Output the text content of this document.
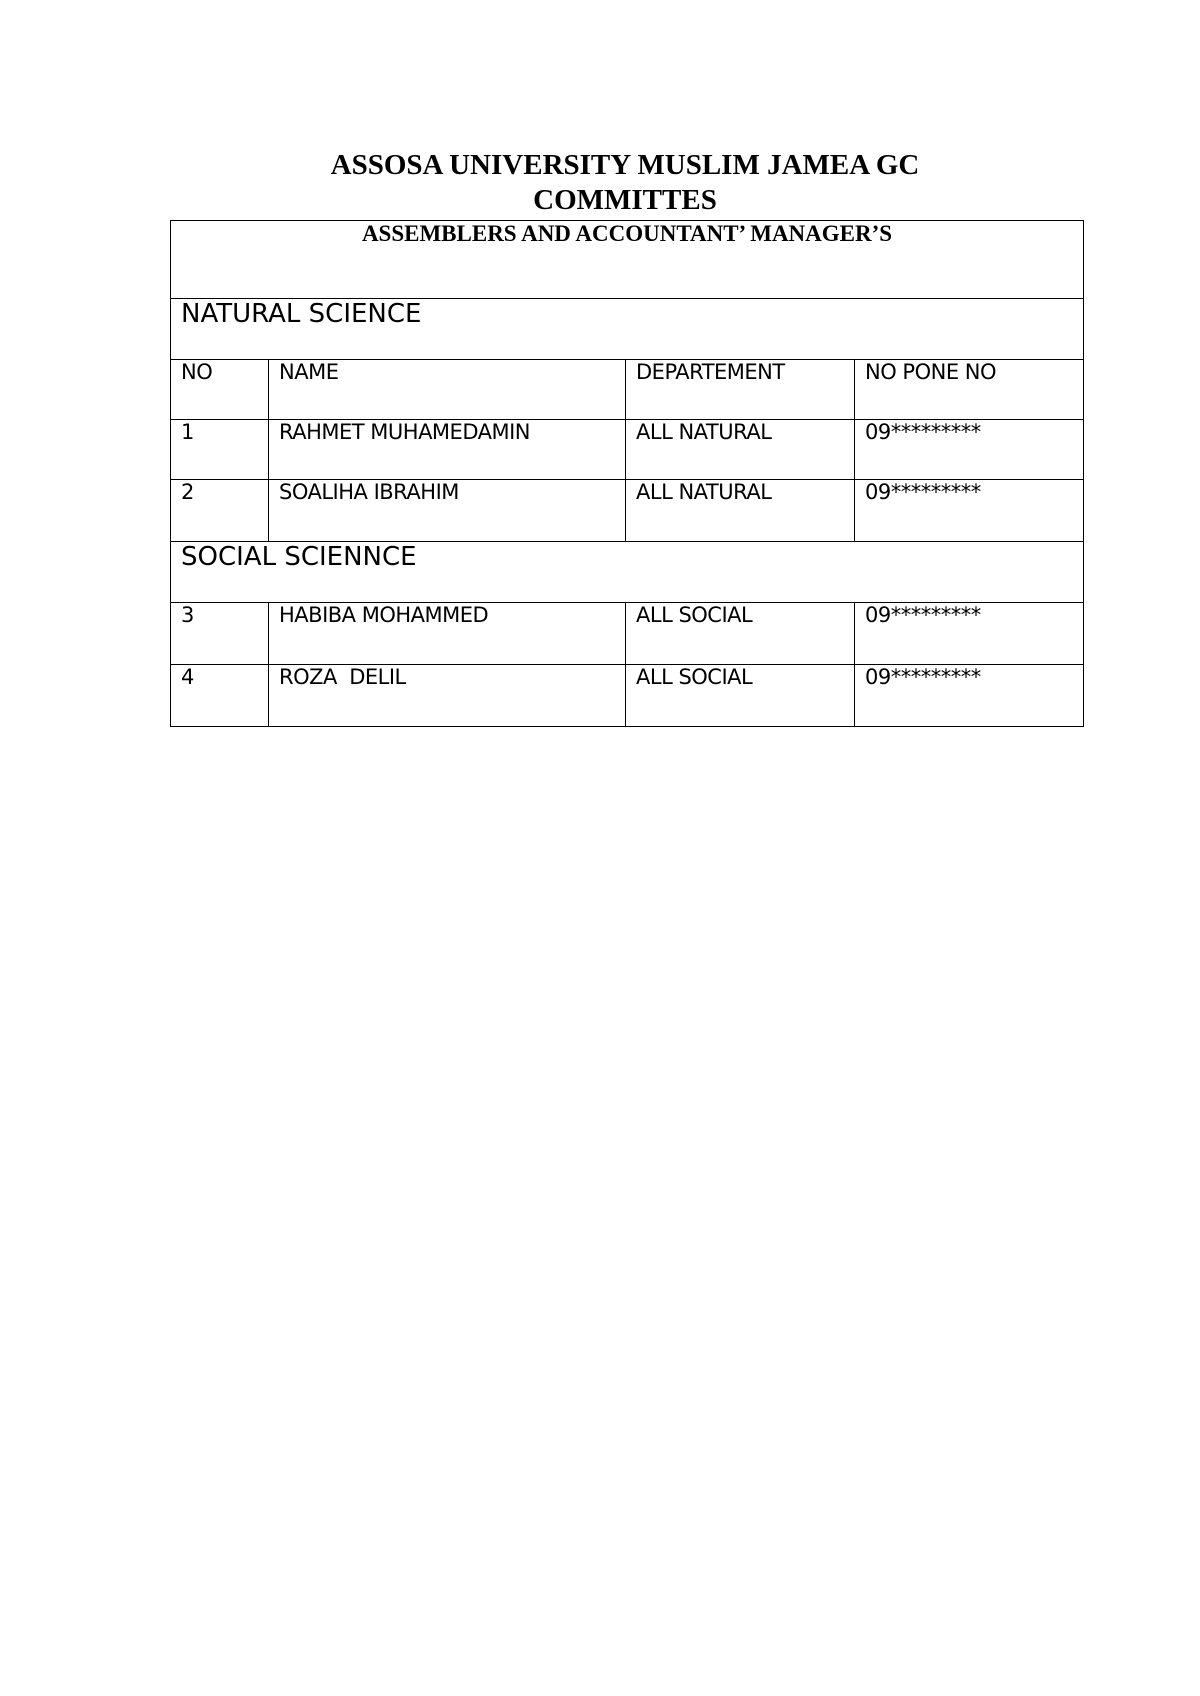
ASSOSA UNIVERSITY MUSLIM JAMEA GC
COMMITTES
ASSEMBLERS AND ACCOUNTANT’ MANAGER’S			
NATURAL SCIENCE			
NO	NAME	DEPARTEMENT	NO PONE NO
1	RAHMET MUHAMEDAMIN	ALL NATURAL	09*********
2	SOALIHA IBRAHIM	ALL NATURAL	09*********
SOCIAL SCIENNCE			
3	HABIBA MOHAMMED	ALL SOCIAL	09*********
4	ROZA  DELIL	ALL SOCIAL	09*********
